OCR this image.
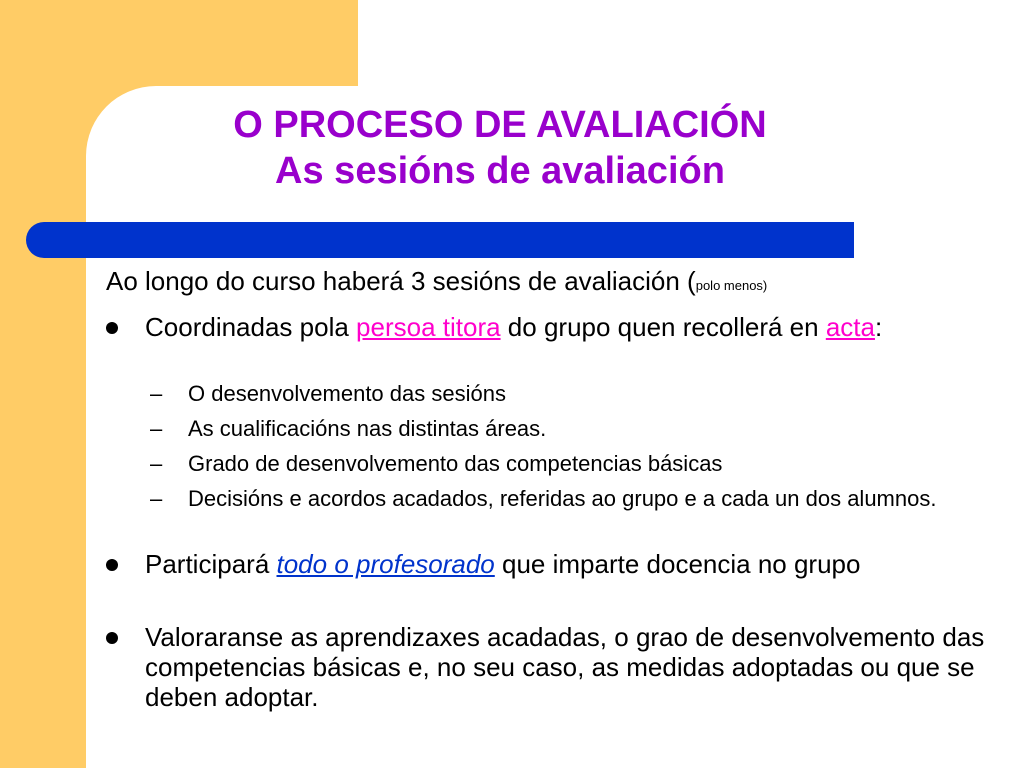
O PROCESO DE AVALIACIÓN
As sesións de avaliación
Ao longo do curso haberá 3 sesións de avaliación (polo menos)
Coordinadas pola persoa titora do grupo quen recollerá en acta:
– O desenvolvemento das sesións
– As cualificacións nas distintas áreas.
– Grado de desenvolvemento das competencias básicas
– Decisións e acordos acadados, referidas ao grupo e a cada un dos alumnos.
Participará todo o profesorado que imparte docencia no grupo
Valoraranse as aprendizaxes acadadas, o grao de desenvolvemento das competencias básicas e, no seu caso, as medidas adoptadas ou que se deben adoptar.
